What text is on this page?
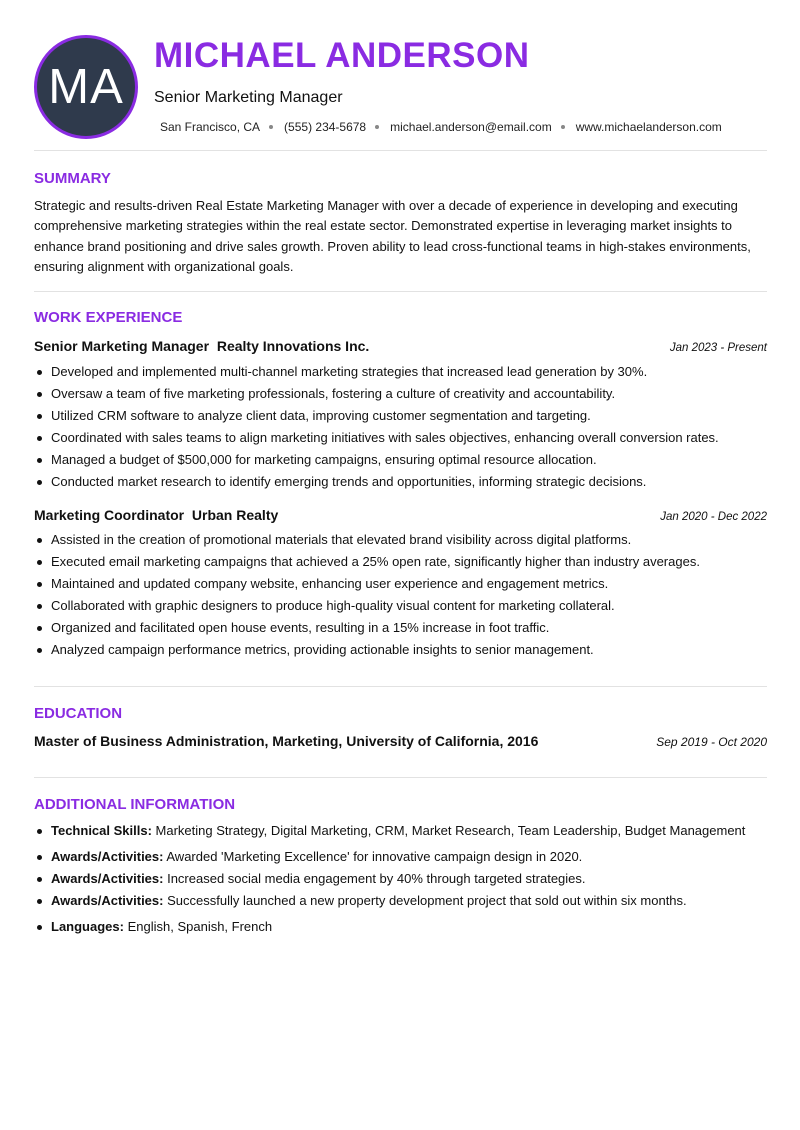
MA
MICHAEL ANDERSON
Senior Marketing Manager
San Francisco, CA (555) 234-5678 michael.anderson@email.com www.michaelanderson.com
SUMMARY
Strategic and results-driven Real Estate Marketing Manager with over a decade of experience in developing and executing comprehensive marketing strategies within the real estate sector. Demonstrated expertise in leveraging market insights to enhance brand positioning and drive sales growth. Proven ability to lead cross-functional teams in high-stakes environments, ensuring alignment with organizational goals.
WORK EXPERIENCE
Senior Marketing Manager Realty Innovations Inc.	Jan 2023 - Present
Developed and implemented multi-channel marketing strategies that increased lead generation by 30%.
Oversaw a team of five marketing professionals, fostering a culture of creativity and accountability.
Utilized CRM software to analyze client data, improving customer segmentation and targeting.
Coordinated with sales teams to align marketing initiatives with sales objectives, enhancing overall conversion rates.
Managed a budget of $500,000 for marketing campaigns, ensuring optimal resource allocation.
Conducted market research to identify emerging trends and opportunities, informing strategic decisions.
Marketing Coordinator Urban Realty	Jan 2020 - Dec 2022
Assisted in the creation of promotional materials that elevated brand visibility across digital platforms.
Executed email marketing campaigns that achieved a 25% open rate, significantly higher than industry averages.
Maintained and updated company website, enhancing user experience and engagement metrics.
Collaborated with graphic designers to produce high-quality visual content for marketing collateral.
Organized and facilitated open house events, resulting in a 15% increase in foot traffic.
Analyzed campaign performance metrics, providing actionable insights to senior management.
EDUCATION
Master of Business Administration, Marketing, University of California, 2016	Sep 2019 - Oct 2020
ADDITIONAL INFORMATION
Technical Skills: Marketing Strategy, Digital Marketing, CRM, Market Research, Team Leadership, Budget Management
Awards/Activities: Awarded 'Marketing Excellence' for innovative campaign design in 2020.
Awards/Activities: Increased social media engagement by 40% through targeted strategies.
Awards/Activities: Successfully launched a new property development project that sold out within six months.
Languages: English, Spanish, French
